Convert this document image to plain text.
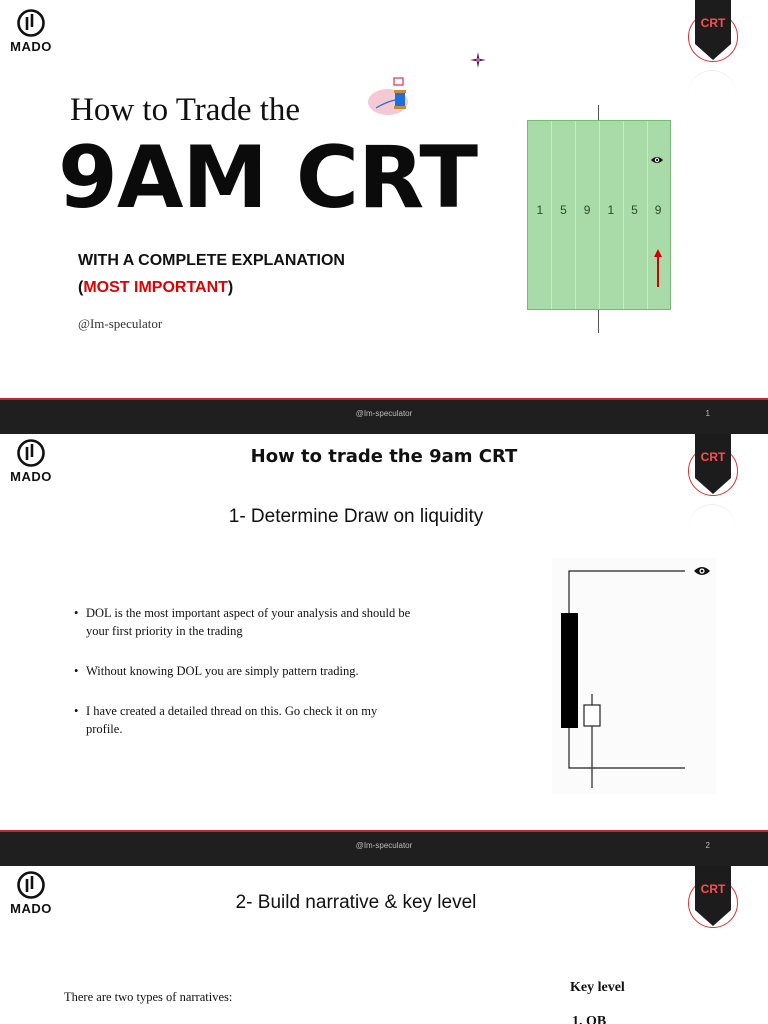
MADO
CRT
How to Trade the
9AM CRT
WITH A COMPLETE EXPLANATION
(MOST IMPORTANT)
@Im-speculator
1 5 9 1 5 9
@Im-speculator	1
MADO
CRT
How to trade the 9am CRT
1- Determine Draw on liquidity
• DOL is the most important aspect of your analysis and should be your first priority in the trading
• Without knowing DOL you are simply pattern trading.
• I have created a detailed thread on this. Go check it on my profile.
@Im-speculator	2
MADO
CRT
2- Build narrative & key level
There are two types of narratives:
Key level
1. OB
